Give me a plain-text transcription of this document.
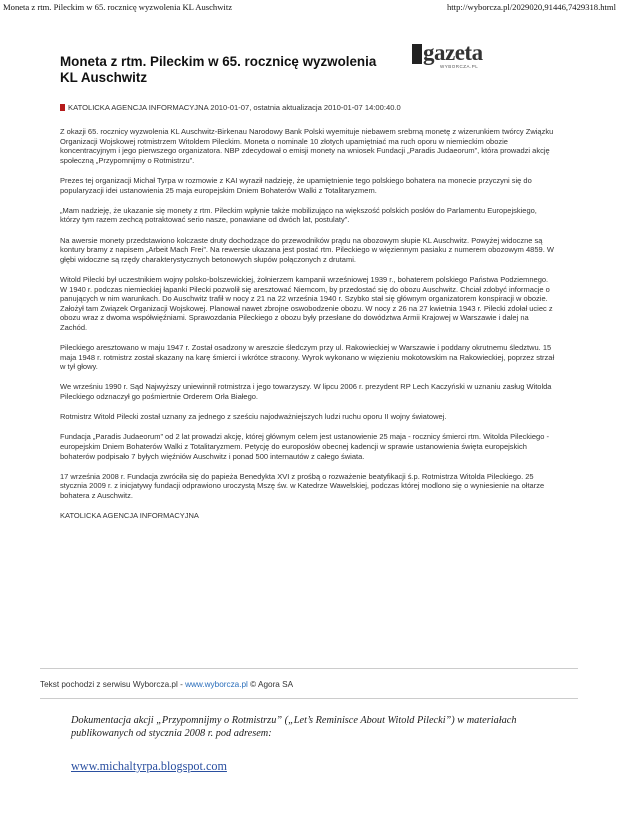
Moneta z rtm. Pileckim w 65. rocznicę wyzwolenia KL Auschwitz	http://wyborcza.pl/2029020,91446,7429318.html
Moneta z rtm. Pileckim w 65. rocznicę wyzwolenia KL Auschwitz
gazeta
WYBORCZA.PL
KATOLICKA AGENCJA INFORMACYJNA 2010-01-07, ostatnia aktualizacja 2010-01-07 14:00:40.0

Z okazji 65. rocznicy wyzwolenia KL Auschwitz-Birkenau Narodowy Bank Polski wyemituje niebawem srebrną monetę z wizerunkiem twórcy Związku Organizacji Wojskowej rotmistrzem Witoldem Pileckim. Moneta o nominale 10 złotych upamiętniać ma ruch oporu w niemieckim obozie koncentracyjnym i jego pierwszego organizatora. NBP zdecydował o emisji monety na wniosek Fundacji „Paradis Judaeorum”, która prowadzi akcję społeczną „Przypomnijmy o Rotmistrzu”.

Prezes tej organizacji Michał Tyrpa w rozmowie z KAI wyraził nadzieję, że upamiętnienie tego polskiego bohatera na monecie przyczyni się do popularyzacji idei ustanowienia 25 maja europejskim Dniem Bohaterów Walki z Totalitaryzmem.

„Mam nadzieję, że ukazanie się monety z rtm. Pileckim wpłynie także mobilizująco na większość polskich posłów do Parlamentu Europejskiego, którzy tym razem zechcą potraktować serio nasze, ponawiane od dwóch lat, postulaty”.

Na awersie monety przedstawiono kolczaste druty dochodzące do przewodników prądu na obozowym słupie KL Auschwitz. Powyżej widoczne są kontury bramy z napisem „Arbeit Mach Frei”. Na rewersie ukazana jest postać rtm. Pileckiego w więziennym pasiaku z numerem obozowym 4859. W głębi widoczne są rzędy charakterystycznych betonowych słupów połączonych z drutami.

Witold Pilecki był uczestnikiem wojny polsko-bolszewickiej, żołnierzem kampanii wrześniowej 1939 r., bohaterem polskiego Państwa Podziemnego. W 1940 r. podczas niemieckiej łapanki Pilecki pozwolił się aresztować Niemcom, by przedostać się do obozu Auschwitz. Chciał zdobyć informacje o panujących w nim warunkach. Do Auschwitz trafił w nocy z 21 na 22 września 1940 r. Szybko stał się głównym organizatorem konspiracji w obozie. Założył tam Związek Organizacji Wojskowej. Planował nawet zbrojne oswobodzenie obozu. W nocy z 26 na 27 kwietnia 1943 r. Pilecki zdołał uciec z obozu wraz z dwoma współwięźniami. Sprawozdania Pileckiego z obozu były przesłane do dowództwa Armii Krajowej w Warszawie i dalej na Zachód.

Pileckiego aresztowano w maju 1947 r. Został osadzony w areszcie śledczym przy ul. Rakowieckiej w Warszawie i poddany okrutnemu śledztwu. 15 maja 1948 r. rotmistrz został skazany na karę śmierci i wkrótce stracony. Wyrok wykonano w więzieniu mokotowskim na Rakowieckiej, poprzez strzał w tył głowy.

We wrześniu 1990 r. Sąd Najwyższy uniewinnił rotmistrza i jego towarzyszy. W lipcu 2006 r. prezydent RP Lech Kaczyński w uznaniu zasług Witolda Pileckiego odznaczył go pośmiertnie Orderem Orła Białego.

Rotmistrz Witold Pilecki został uznany za jednego z sześciu najodważniejszych ludzi ruchu oporu II wojny światowej.

Fundacja „Paradis Judaeorum” od 2 lat prowadzi akcję, której głównym celem jest ustanowienie 25 maja - rocznicy śmierci rtm. Witolda Pileckiego - europejskim Dniem Bohaterów Walki z Totalitaryzmem. Petycję do europosłów obecnej kadencji w sprawie ustanowienia święta europejskich bohaterów podpisało 7 byłych więźniów Auschwitz i ponad 500 internautów z całego świata.

17 września 2008 r. Fundacja zwróciła się do papieża Benedykta XVI z prośbą o rozważenie beatyfikacji ś.p. Rotmistrza Witolda Pileckiego. 25 stycznia 2009 r. z inicjatywy fundacji odprawiono uroczystą Mszę św. w Katedrze Wawelskiej, podczas której modlono się o wyniesienie na ołtarze bohatera z Auschwitz.

KATOLICKA AGENCJA INFORMACYJNA

Tekst pochodzi z serwisu Wyborcza.pl - www.wyborcza.pl © Agora SA
Dokumentacja akcji „Przypomnijmy o Rotmistrzu” („Let’s Reminisce About Witold Pilecki”) w materiałach publikowanych od stycznia 2008 r. pod adresem:
www.michaltyrpa.blogspot.com
